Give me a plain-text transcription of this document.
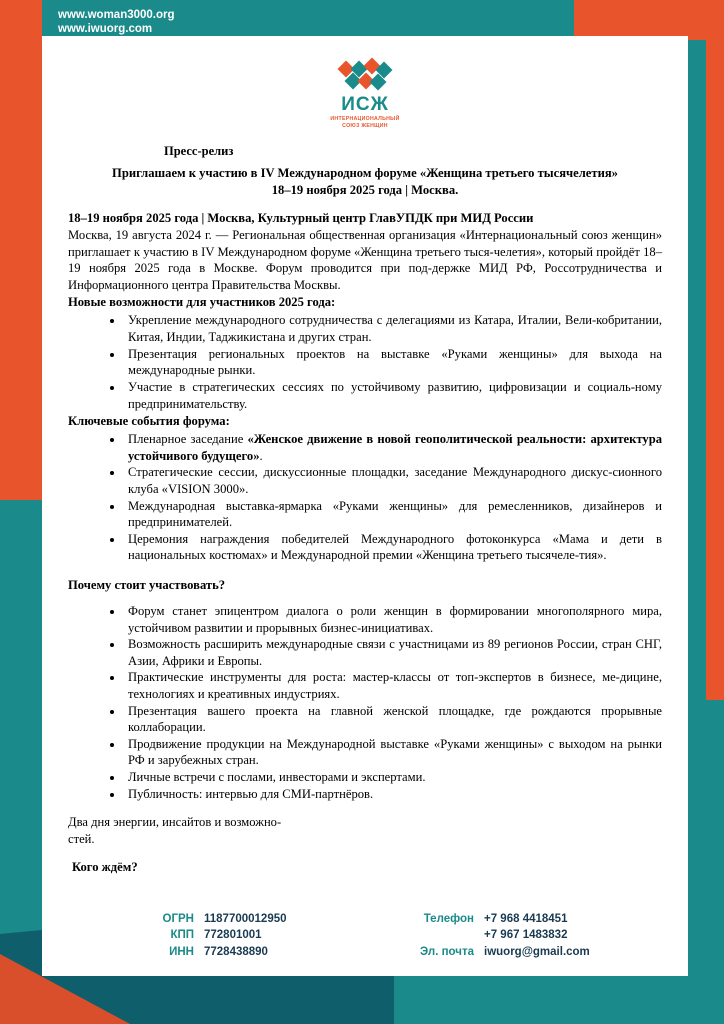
www.woman3000.org
www.iwuorg.com
ИСЖ
ИНТЕРНАЦИОНАЛЬНЫЙ
СОЮЗ ЖЕНЩИН
Пресс-релиз
Приглашаем к участию в IV Международном форуме «Женщина третьего тысячелетия»
18–19 ноября 2025 года | Москва.
18–19 ноября 2025 года | Москва, Культурный центр ГлавУПДК при МИД России

Москва, 19 августа 2024 г. — Региональная общественная организация «Интернациональный союз женщин» приглашает к участию в IV Международном форуме «Женщина третьего тыся-челетия», который пройдёт 18–19 ноября 2025 года в Москве. Форум проводится при под-держке МИД РФ, Россотрудничества и Информационного центра Правительства Москвы.

Новые возможности для участников 2025 года:
• Укрепление международного сотрудничества с делегациями из Катара, Италии, Вели-кобритании, Китая, Индии, Таджикистана и других стран.
• Презентация региональных проектов на выставке «Руками женщины» для выхода на международные рынки.
• Участие в стратегических сессиях по устойчивому развитию, цифровизации и социаль-ному предпринимательству.
Ключевые события форума:
• Пленарное заседание «Женское движение в новой геополитической реальности: архитектура устойчивого будущего».
• Стратегические сессии, дискуссионные площадки, заседание Международного дискус-сионного клуба «VISION 3000».
• Международная выставка-ярмарка «Руками женщины» для ремесленников, дизайнеров и предпринимателей.
• Церемония награждения победителей Международного фотоконкурса «Мама и дети в национальных костюмах» и Международной премии «Женщина третьего тысячеле-тия».
Почему стоит участвовать?
• Форум станет эпицентром диалога о роли женщин в формировании многополярного мира, устойчивом развитии и прорывных бизнес-инициативах.
• Возможность расширить международные связи с участницами из 89 регионов России, стран СНГ, Азии, Африки и Европы.
• Практические инструменты для роста: мастер-классы от топ-экспертов в бизнесе, ме-дицине, технологиях и креативных индустриях.
• Презентация вашего проекта на главной женской площадке, где рождаются прорывные коллаборации.
• Продвижение продукции на Международной выставке «Руками женщины» с выходом на рынки РФ и зарубежных стран.
• Личные встречи с послами, инвесторами и экспертами.
• Публичность: интервью для СМИ-партнёров.
Два дня энергии, инсайтов и возможно-
стей.
Кого ждём?
ОГРН 1187700012950
КПП 772801001
ИНН 7728438890
Телефон +7 968 4418451
+7 967 1483832
Эл. почта iwuorg@gmail.com
